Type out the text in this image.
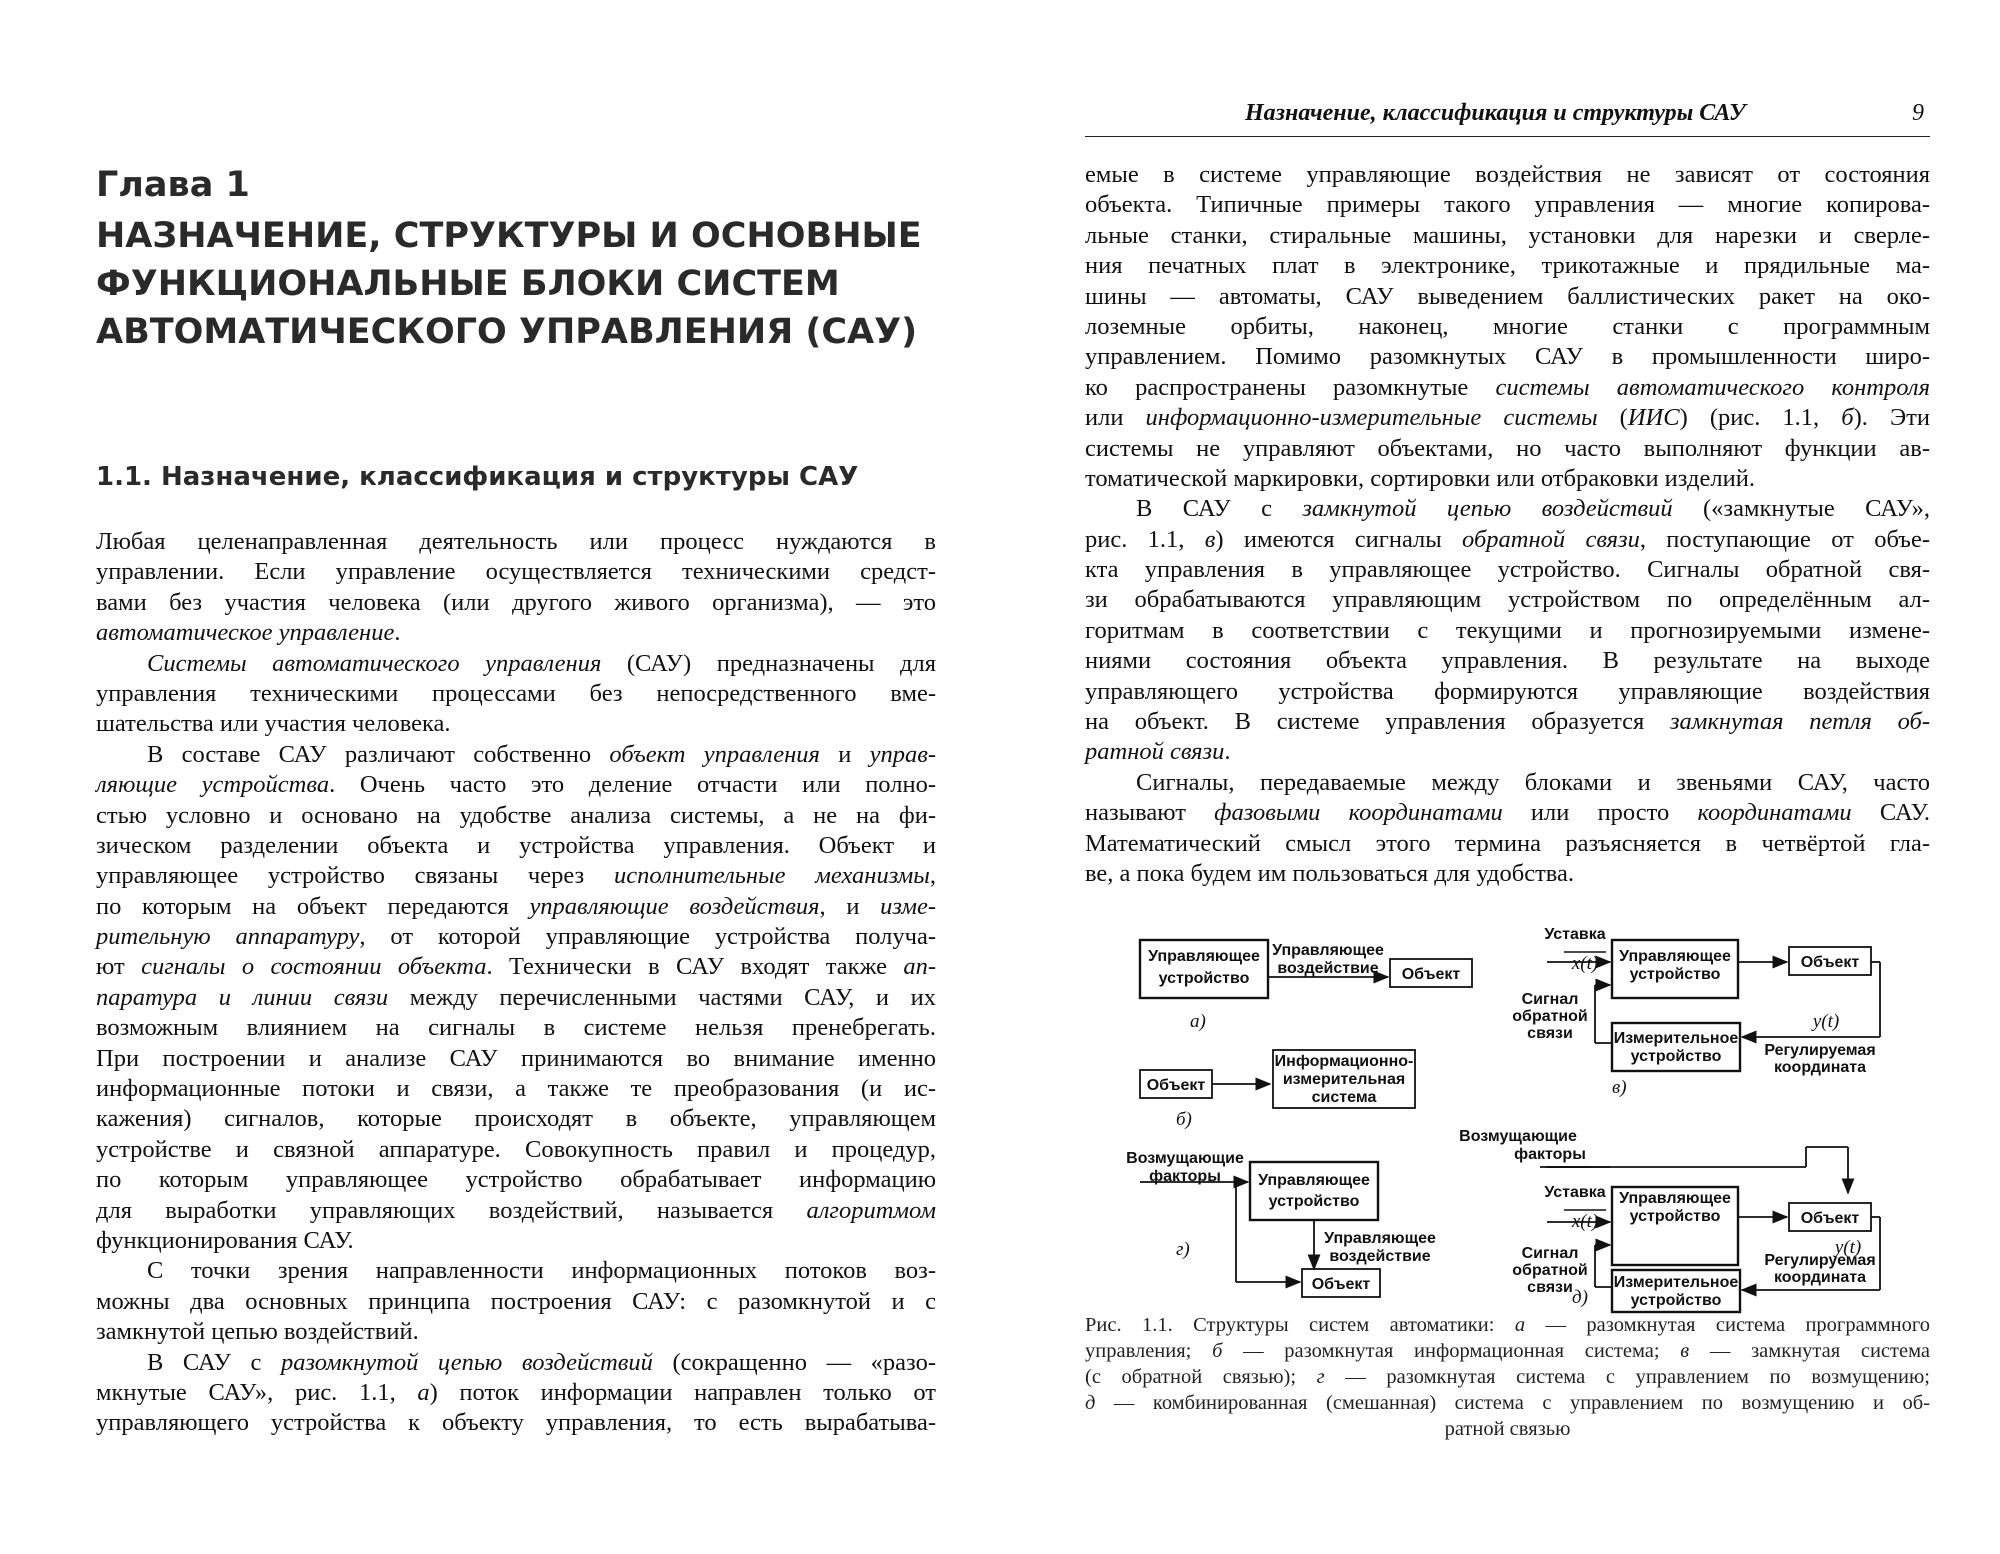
Глава 1
НАЗНАЧЕНИЕ, СТРУКТУРЫ И ОСНОВНЫЕ
ФУНКЦИОНАЛЬНЫЕ БЛОКИ СИСТЕМ
АВТОМАТИЧЕСКОГО УПРАВЛЕНИЯ (САУ)
1.1. Назначение, классификация и структуры САУ
Любая целенаправленная деятельность или процесс нуждаются в
управлении. Если управление осуществляется техническими средст-
вами без участия человека (или другого живого организма), — это
автоматическое управление.
Системы автоматического управления (САУ) предназначены для
управления техническими процессами без непосредственного вме-
шательства или участия человека.
В составе САУ различают собственно объект управления и управ-
ляющие устройства. Очень часто это деление отчасти или полно-
стью условно и основано на удобстве анализа системы, а не на фи-
зическом разделении объекта и устройства управления. Объект и
управляющее устройство связаны через исполнительные механизмы,
по которым на объект передаются управляющие воздействия, и изме-
рительную аппаратуру, от которой управляющие устройства получа-
ют сигналы о состоянии объекта. Технически в САУ входят также ап-
паратура и линии связи между перечисленными частями САУ, и их
возможным влиянием на сигналы в системе нельзя пренебрегать.
При построении и анализе САУ принимаются во внимание именно
информационные потоки и связи, а также те преобразования (и ис-
кажения) сигналов, которые происходят в объекте, управляющем
устройстве и связной аппаратуре. Совокупность правил и процедур,
по которым управляющее устройство обрабатывает информацию
для выработки управляющих воздействий, называется алгоритмом
функционирования САУ.
С точки зрения направленности информационных потоков воз-
можны два основных принципа построения САУ: с разомкнутой и с
замкнутой цепью воздействий.
В САУ с разомкнутой цепью воздействий (сокращенно — «разо-
мкнутые САУ», рис. 1.1, а) поток информации направлен только от
управляющего устройства к объекту управления, то есть вырабатыва-
Назначение, классификация и структуры САУ	9
емые в системе управляющие воздействия не зависят от состояния
объекта. Типичные примеры такого управления — многие копирова-
льные станки, стиральные машины, установки для нарезки и сверле-
ния печатных плат в электронике, трикотажные и прядильные ма-
шины — автоматы, САУ выведением баллистических ракет на око-
лоземные орбиты, наконец, многие станки с программным
управлением. Помимо разомкнутых САУ в промышленности широ-
ко распространены разомкнутые системы автоматического контроля
или информационно-измерительные системы (ИИС) (рис. 1.1, б). Эти
системы не управляют объектами, но часто выполняют функции ав-
томатической маркировки, сортировки или отбраковки изделий.
В САУ с замкнутой цепью воздействий («замкнутые САУ»,
рис. 1.1, в) имеются сигналы обратной связи, поступающие от объе-
кта управления в управляющее устройство. Сигналы обратной свя-
зи обрабатываются управляющим устройством по определённым ал-
горитмам в соответствии с текущими и прогнозируемыми измене-
ниями состояния объекта управления. В результате на выходе
управляющего устройства формируются управляющие воздействия
на объект. В системе управления образуется замкнутая петля об-
ратной связи.
Сигналы, передаваемые между блоками и звеньями САУ, часто
называют фазовыми координатами или просто координатами САУ.
Математический смысл этого термина разъясняется в четвёртой гла-
ве, а пока будем им пользоваться для удобства.
Управляющее
устройство
Управляющее
воздействие Объект
а)
Объект
Информационно-
измерительная
система
б)
Возмущающие
факторы Управляющее
устройство
Управляющее
воздействие
Объект
г)
Уставка
x(t) Управляющее
устройство
Объект
Сигнал
обратной
связи	Измерительное
устройство
y(t)
Регулируемая
координата
в)
Возмущающие
факторы
Уставка
x(t)
Управляющее
устройство	Объект
y(t)
Сигнал
обратной
связи	Измерительное
устройство
Регулируемая
координата
д)
Рис. 1.1. Структуры систем автоматики: а — разомкнутая система программного
управления; б — разомкнутая информационная система; в — замкнутая система
(с обратной связью); г — разомкнутая система с управлением по возмущению;
д — комбинированная (смешанная) система с управлением по возмущению и об-
ратной связью
